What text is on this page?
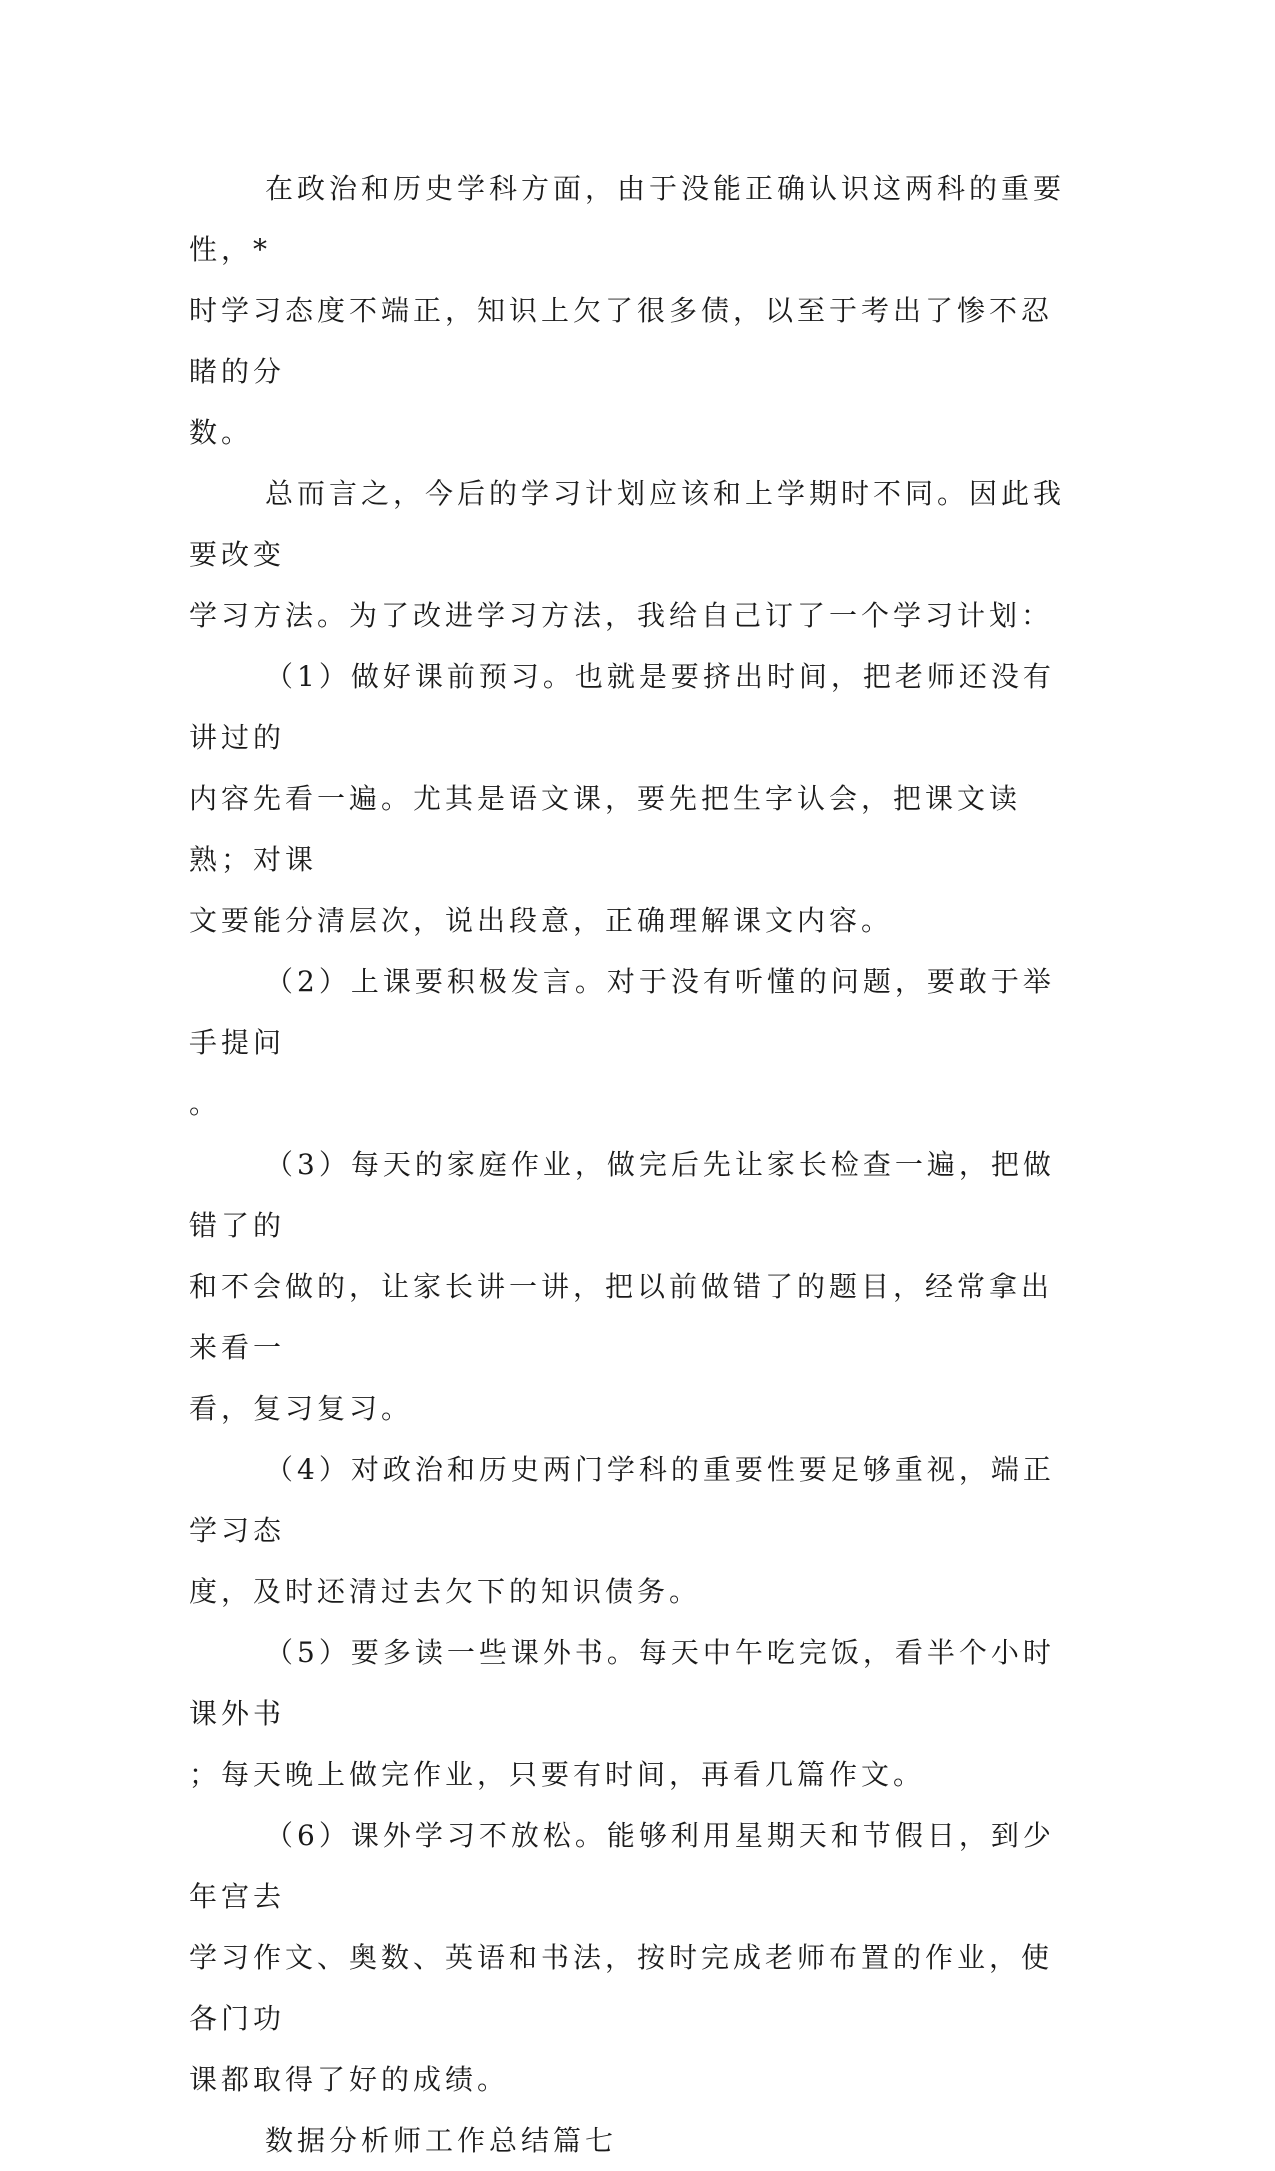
在政治和历史学科方面，由于没能正确认识这两科的重要性，*
时学习态度不端正，知识上欠了很多债，以至于考出了惨不忍睹的分
数。

总而言之，今后的学习计划应该和上学期时不同。因此我要改变
学习方法。为了改进学习方法，我给自己订了一个学习计划：

（1）做好课前预习。也就是要挤出时间，把老师还没有讲过的
内容先看一遍。尤其是语文课，要先把生字认会，把课文读熟；对课
文要能分清层次，说出段意，正确理解课文内容。

（2）上课要积极发言。对于没有听懂的问题，要敢于举手提问
。

（3）每天的家庭作业，做完后先让家长检查一遍，把做错了的
和不会做的，让家长讲一讲，把以前做错了的题目，经常拿出来看一
看，复习复习。

（4）对政治和历史两门学科的重要性要足够重视，端正学习态
度，及时还清过去欠下的知识债务。

（5）要多读一些课外书。每天中午吃完饭，看半个小时课外书
；每天晚上做完作业，只要有时间，再看几篇作文。

（6）课外学习不放松。能够利用星期天和节假日，到少年宫去
学习作文、奥数、英语和书法，按时完成老师布置的作业，使各门功
课都取得了好的成绩。

数据分析师工作总结篇七
